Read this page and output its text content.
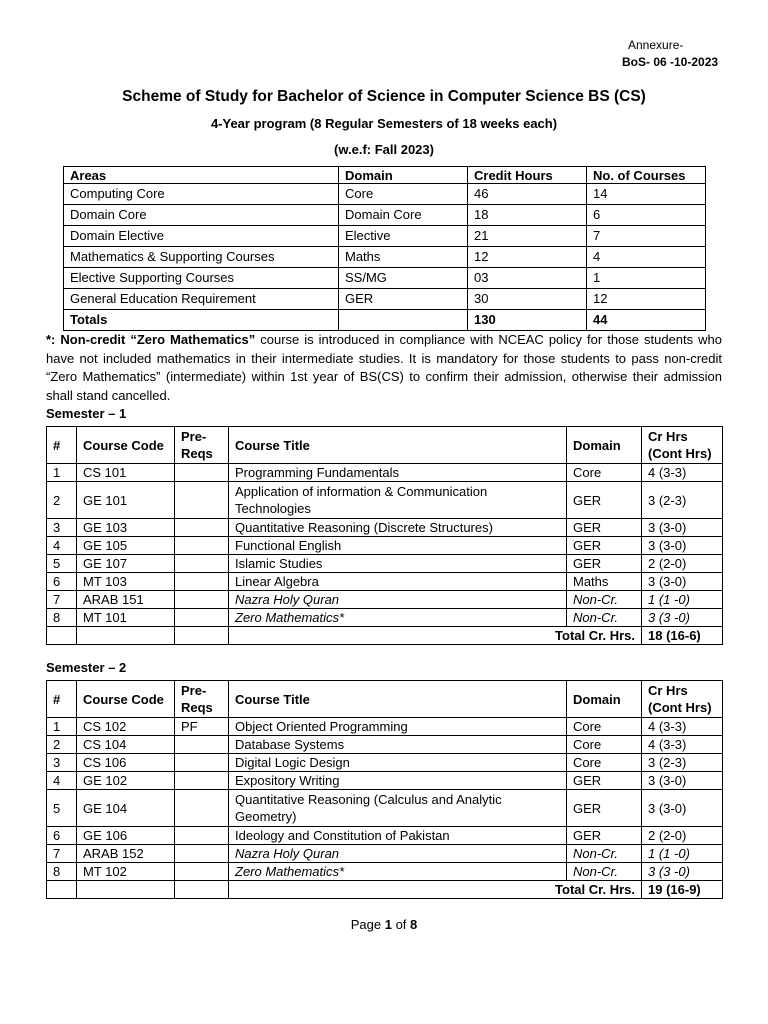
Annexure-
BoS- 06 -10-2023
Scheme of Study for Bachelor of Science in Computer Science BS (CS)
4-Year program (8 Regular Semesters of 18 weeks each)
(w.e.f: Fall 2023)
Areas	Domain	Credit Hours	No. of Courses
Computing Core	Core	46	14
Domain Core	Domain Core	18	6
Domain Elective	Elective	21	7
Mathematics & Supporting Courses	Maths	12	4
Elective Supporting Courses	SS/MG	03	1
General Education Requirement	GER	30	12
Totals		130	44
*: Non-credit “Zero Mathematics” course is introduced in compliance with NCEAC policy for those students who have not included mathematics in their intermediate studies. It is mandatory for those students to pass non-credit “Zero Mathematics” (intermediate) within 1st year of BS(CS) to confirm their admission, otherwise their admission shall stand cancelled.
Semester – 1
#	Course Code	Pre-Reqs	Course Title	Domain	Cr Hrs (Cont Hrs)
1	CS 101		Programming Fundamentals	Core	4 (3-3)
2	GE 101		Application of information & Communication Technologies	GER	3 (2-3)
3	GE 103		Quantitative Reasoning (Discrete Structures)	GER	3 (3-0)
4	GE 105		Functional English	GER	3 (3-0)
5	GE 107		Islamic Studies	GER	2 (2-0)
6	MT 103		Linear Algebra	Maths	3 (3-0)
7	ARAB 151		Nazra Holy Quran	Non-Cr.	1 (1 -0)
8	MT 101		Zero Mathematics*	Non-Cr.	3 (3 -0)
			Total Cr. Hrs.		18 (16-6)
Semester – 2
#	Course Code	Pre-Reqs	Course Title	Domain	Cr Hrs (Cont Hrs)
1	CS 102	PF	Object Oriented Programming	Core	4 (3-3)
2	CS 104		Database Systems	Core	4 (3-3)
3	CS 106		Digital Logic Design	Core	3 (2-3)
4	GE 102		Expository Writing	GER	3 (3-0)
5	GE 104		Quantitative Reasoning (Calculus and Analytic Geometry)	GER	3 (3-0)
6	GE 106		Ideology and Constitution of Pakistan	GER	2 (2-0)
7	ARAB 152		Nazra Holy Quran	Non-Cr.	1 (1 -0)
8	MT 102		Zero Mathematics*	Non-Cr.	3 (3 -0)
			Total Cr. Hrs.		19 (16-9)
Page 1 of 8
